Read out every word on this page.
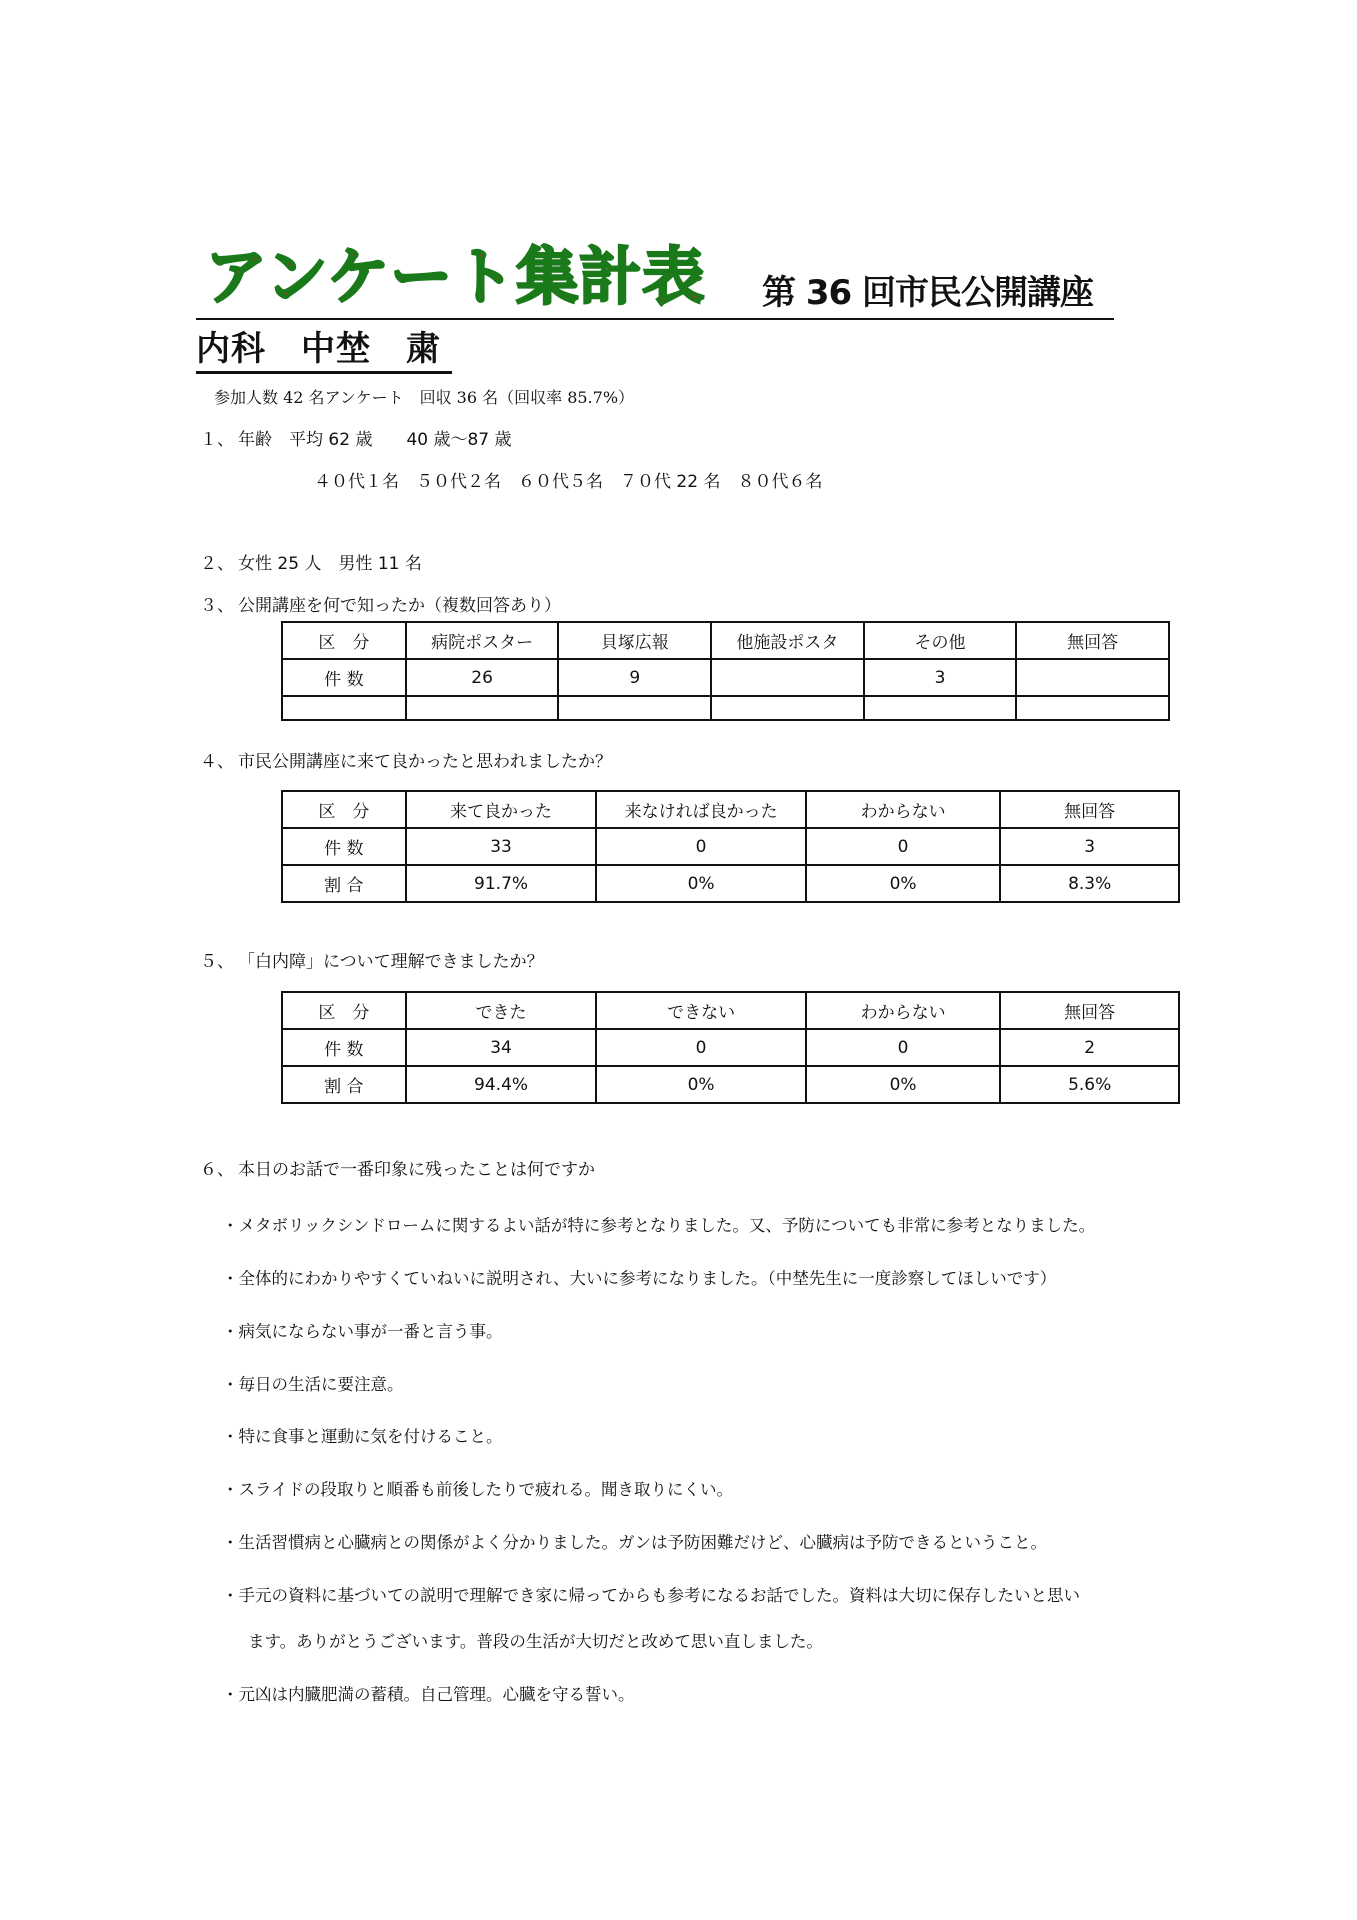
アンケート集計表 第 36 回市民公開講座
内科　中埜　粛
参加人数 42 名アンケート　回収 36 名（回収率 85.7%）
１、 年齢　平均 62 歳　　40 歳〜87 歳
４０代１名　５０代２名　６０代５名　７０代 22 名　８０代６名
２、 女性 25 人　男性 11 名
３、 公開講座を何で知ったか（複数回答あり）
区　分	病院ポスター	貝塚広報	他施設ポスタ	その他	無回答
件 数	26	9		3	

４、 市民公開講座に来て良かったと思われましたか？
区　分	来て良かった	来なければ良かった	わからない	無回答
件 数	33	0	0	3
割 合	91.7%	0%	0%	8.3%
５、 「白内障」について理解できましたか？
区　分	できた	できない	わからない	無回答
件 数	34	0	0	2
割 合	94.4%	0%	0%	5.6%
６、 本日のお話で一番印象に残ったことは何ですか
・メタボリックシンドロームに関するよい話が特に参考となりました。又、予防についても非常に参考となりました。
・全体的にわかりやすくていねいに説明され、大いに参考になりました。（中埜先生に一度診察してほしいです）
・病気にならない事が一番と言う事。
・毎日の生活に要注意。
・特に食事と運動に気を付けること。
・スライドの段取りと順番も前後したりで疲れる。聞き取りにくい。
・生活習慣病と心臓病との関係がよく分かりました。ガンは予防困難だけど、心臓病は予防できるということ。
・手元の資料に基づいての説明で理解でき家に帰ってからも参考になるお話でした。資料は大切に保存したいと思い
ます。ありがとうございます。普段の生活が大切だと改めて思い直しました。
・元凶は内臓肥満の蓄積。自己管理。心臓を守る誓い。
